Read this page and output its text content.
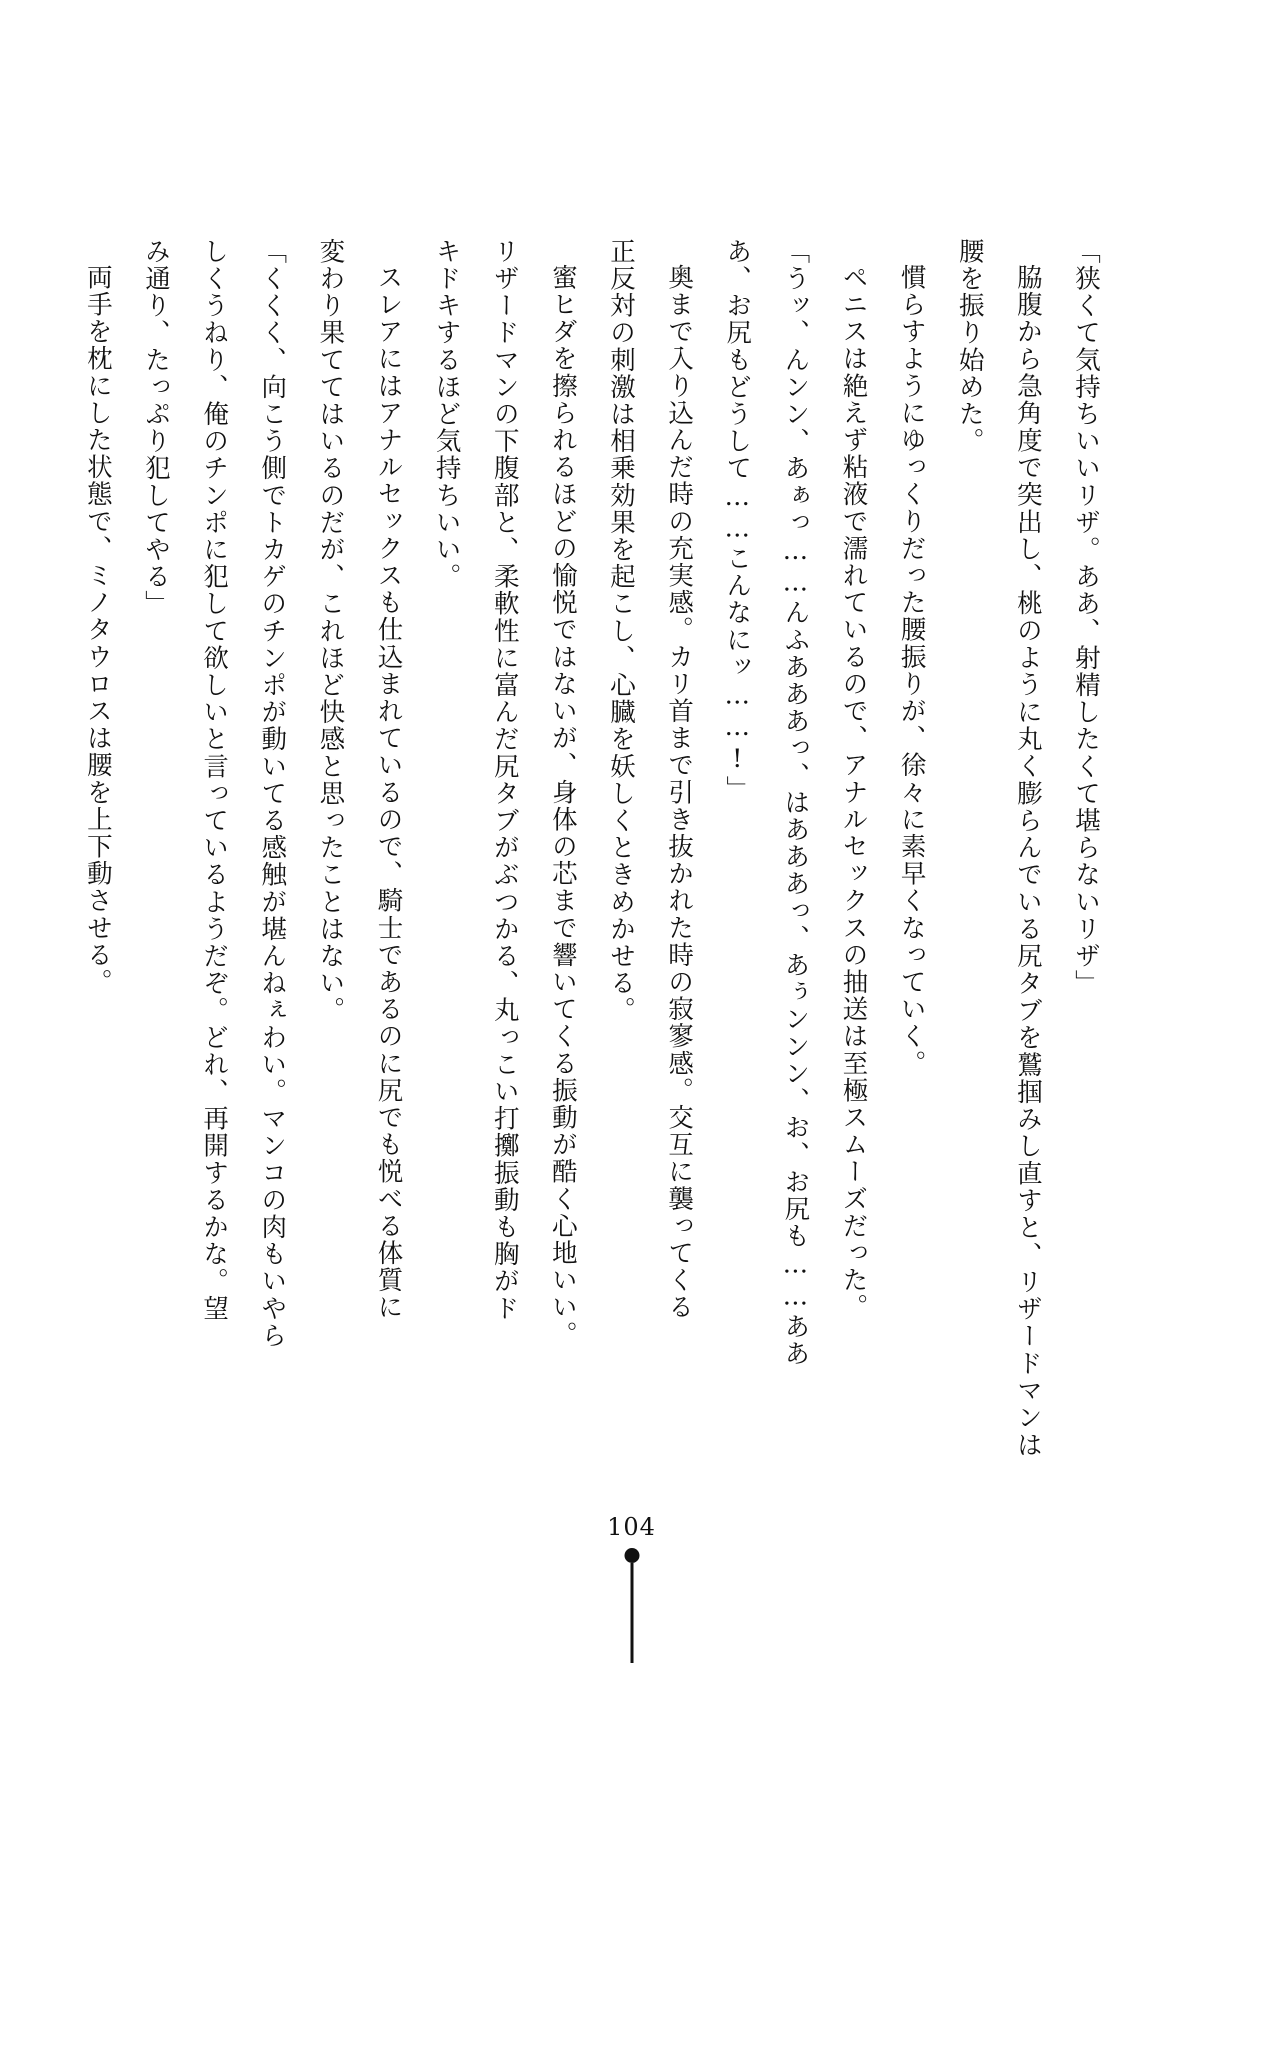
「狭くて気持ちいいリザ。ああ、射精したくて堪らないリザ」

脇腹から急角度で突出し、桃のように丸く膨らんでいる尻タブを鷲掴みし直すと、リザードマンは腰を振り始めた。

慣らすようにゆっくりだった腰振りが、徐々に素早くなっていく。

ペニスは絶えず粘液で濡れているので、アナルセックスの抽送は至極スムーズだった。

「うッ、んンン、あぁっ……んふあああっ、はあああっ、あぅンンン、お、お尻も……ああ

あ、お尻もどうして……こんなにッ……!」

奥まで入り込んだ時の充実感。カリ首まで引き抜かれた時の寂寥感。交互に襲ってくる

正反対の刺激は相乗効果を起こし、心臓を妖しくときめかせる。

蜜ヒダを擦られるほどの愉悦ではないが、身体の芯まで響いてくる振動が酷く心地いい。

リザードマンの下腹部と、柔軟性に富んだ尻タブがぶつかる、丸っこい打擲振動も胸がド

キドキするほど気持ちいい。

スレアにはアナルセックスも仕込まれているので、騎士であるのに尻でも悦べる体質に

変わり果ててはいるのだが、これほど快感と思ったことはない。

「くくく、向こう側でトカゲのチンポが動いてる感触が堪んねぇわい。マンコの肉もいやら

しくうねり、俺のチンポに犯して欲しいと言っているようだぞ。どれ、再開するかな。望

み通り、たっぷり犯してやる」

両手を枕にした状態で、ミノタウロスは腰を上下動させる。

104
